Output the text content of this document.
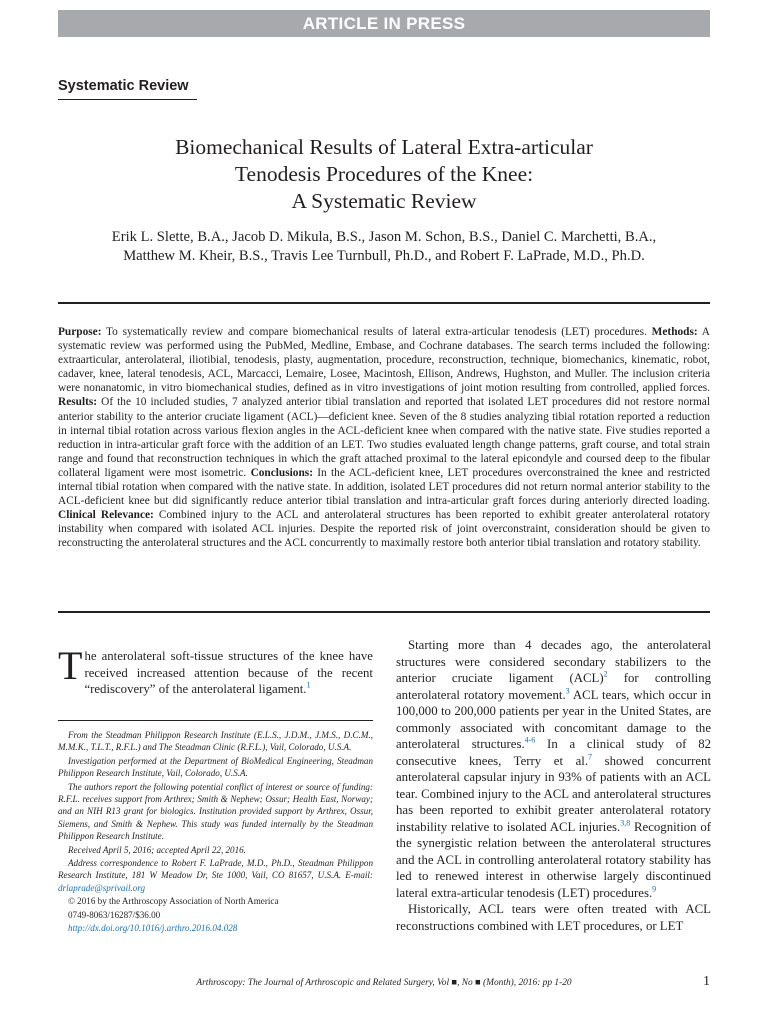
ARTICLE IN PRESS
Systematic Review
Biomechanical Results of Lateral Extra-articular
Tenodesis Procedures of the Knee:
A Systematic Review
Erik L. Slette, B.A., Jacob D. Mikula, B.S., Jason M. Schon, B.S., Daniel C. Marchetti, B.A.,
Matthew M. Kheir, B.S., Travis Lee Turnbull, Ph.D., and Robert F. LaPrade, M.D., Ph.D.
Purpose: To systematically review and compare biomechanical results of lateral extra-articular tenodesis (LET) procedures. Methods: A systematic review was performed using the PubMed, Medline, Embase, and Cochrane databases. The search terms included the following: extraarticular, anterolateral, iliotibial, tenodesis, plasty, augmentation, procedure, reconstruction, technique, biomechanics, kinematic, robot, cadaver, knee, lateral tenodesis, ACL, Marcacci, Lemaire, Losee, Macintosh, Ellison, Andrews, Hughston, and Muller. The inclusion criteria were nonanatomic, in vitro biomechanical studies, defined as in vitro investigations of joint motion resulting from controlled, applied forces. Results: Of the 10 included studies, 7 analyzed anterior tibial translation and reported that isolated LET procedures did not restore normal anterior stability to the anterior cruciate ligament (ACL)—deficient knee. Seven of the 8 studies analyzing tibial rotation reported a reduction in internal tibial rotation across various flexion angles in the ACL-deficient knee when compared with the native state. Five studies reported a reduction in intra-articular graft force with the addition of an LET. Two studies evaluated length change patterns, graft course, and total strain range and found that reconstruction techniques in which the graft attached proximal to the lateral epicondyle and coursed deep to the fibular collateral ligament were most isometric. Conclusions: In the ACL-deficient knee, LET procedures overconstrained the knee and restricted internal tibial rotation when compared with the native state. In addition, isolated LET procedures did not return normal anterior stability to the ACL-deficient knee but did significantly reduce anterior tibial translation and intra-articular graft forces during anteriorly directed loading. Clinical Relevance: Combined injury to the ACL and anterolateral structures has been reported to exhibit greater anterolateral rotatory instability when compared with isolated ACL injuries. Despite the reported risk of joint overconstraint, consideration should be given to reconstructing the anterolateral structures and the ACL concurrently to maximally restore both anterior tibial translation and rotatory stability.
The anterolateral soft-tissue structures of the knee have received increased attention because of the recent “rediscovery” of the anterolateral ligament.$^1$

From the Steadman Philippon Research Institute (E.L.S., J.D.M., J.M.S., D.C.M., M.M.K., T.L.T., R.F.L.) and The Steadman Clinic (R.F.L.), Vail, Colorado, U.S.A.

Investigation performed at the Department of BioMedical Engineering, Steadman Philippon Research Institute, Vail, Colorado, U.S.A.

The authors report the following potential conflict of interest or source of funding: R.F.L. receives support from Arthrex; Smith & Nephew; Ossur; Health East, Norway; and an NIH R13 grant for biologics. Institution provided support by Arthrex, Ossur, Siemens, and Smith & Nephew. This study was funded internally by the Steadman Philippon Research Institute.

Received April 5, 2016; accepted April 22, 2016.

Address correspondence to Robert F. LaPrade, M.D., Ph.D., Steadman Philippon Research Institute, 181 W Meadow Dr, Ste 1000, Vail, CO 81657, U.S.A. E-mail: drlaprade@sprivail.org

© 2016 by the Arthroscopy Association of North America

0749-8063/16287/$36.00

http://dx.doi.org/10.1016/j.arthro.2016.04.028

Starting more than 4 decades ago, the anterolateral structures were considered secondary stabilizers to the anterior cruciate ligament (ACL)$^2$ for controlling anterolateral rotatory movement.$^3$ ACL tears, which occur in 100,000 to 200,000 patients per year in the United States, are commonly associated with concomitant damage to the anterolateral structures.$^{4-6}$ In a clinical study of 82 consecutive knees, Terry et al.$^7$ showed concurrent anterolateral capsular injury in 93% of patients with an ACL tear. Combined injury to the ACL and anterolateral structures has been reported to exhibit greater anterolateral rotatory instability relative to isolated ACL injuries.$^{3,8}$ Recognition of the synergistic relation between the anterolateral structures and the ACL in controlling anterolateral rotatory stability has led to renewed interest in otherwise largely discontinued lateral extra-articular tenodesis (LET) procedures.$^9$

Historically, ACL tears were often treated with ACL reconstructions combined with LET procedures, or LET

Arthroscopy: The Journal of Arthroscopic and Related Surgery, Vol ■, No ■ (Month), 2016: pp 1-20	1
